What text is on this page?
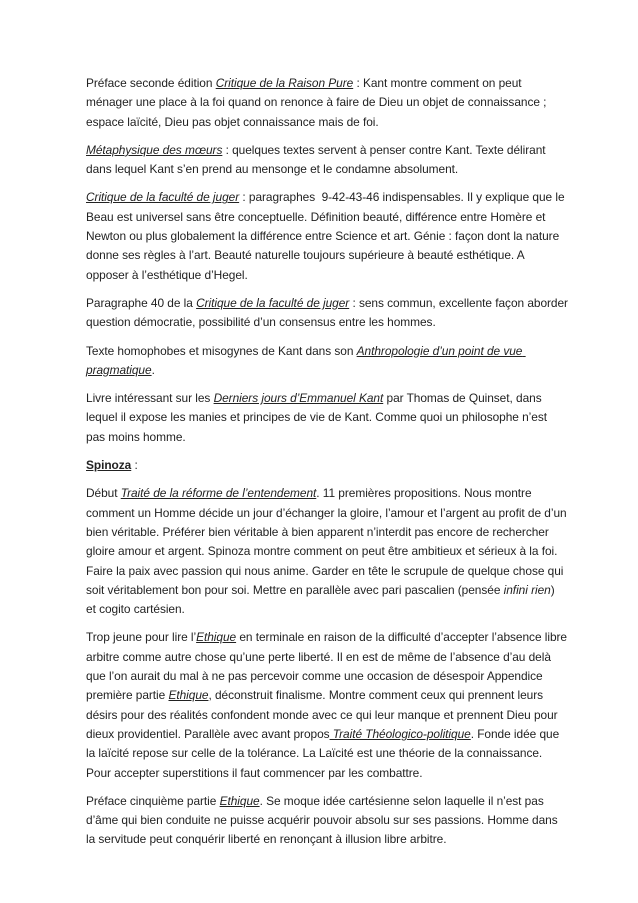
Préface seconde édition Critique de la Raison Pure : Kant montre comment on peut ménager une place à la foi quand on renonce à faire de Dieu un objet de connaissance ; espace laïcité, Dieu pas objet connaissance mais de foi.

Métaphysique des mœurs : quelques textes servent à penser contre Kant. Texte délirant dans lequel Kant s’en prend au mensonge et le condamne absolument.

Critique de la faculté de juger : paragraphes  9-42-43-46 indispensables. Il y explique que le Beau est universel sans être conceptuelle. Définition beauté, différence entre Homère et Newton ou plus globalement la différence entre Science et art. Génie : façon dont la nature donne ses règles à l’art. Beauté naturelle toujours supérieure à beauté esthétique. A opposer à l’esthétique d’Hegel.

Paragraphe 40 de la Critique de la faculté de juger : sens commun, excellente façon aborder question démocratie, possibilité d’un consensus entre les hommes.

Texte homophobes et misogynes de Kant dans son Anthropologie d’un point de vue pragmatique.

Livre intéressant sur les Derniers jours d’Emmanuel Kant par Thomas de Quinset, dans lequel il expose les manies et principes de vie de Kant. Comme quoi un philosophe n’est pas moins homme.

Spinoza :

Début Traité de la réforme de l’entendement. 11 premières propositions. Nous montre comment un Homme décide un jour d’échanger la gloire, l’amour et l’argent au profit de d’un bien véritable. Préférer bien véritable à bien apparent n’interdit pas encore de rechercher gloire amour et argent. Spinoza montre comment on peut être ambitieux et sérieux à la foi. Faire la paix avec passion qui nous anime. Garder en tête le scrupule de quelque chose qui soit véritablement bon pour soi. Mettre en parallèle avec pari pascalien (pensée infini rien)  et cogito cartésien.

Trop jeune pour lire l’Ethique en terminale en raison de la difficulté d’accepter l’absence libre arbitre comme autre chose qu’une perte liberté. Il en est de même de l’absence d’au delà que l’on aurait du mal à ne pas percevoir comme une occasion de désespoir Appendice première partie Ethique, déconstruit finalisme. Montre comment ceux qui prennent leurs désirs pour des réalités confondent monde avec ce qui leur manque et prennent Dieu pour dieux providentiel. Parallèle avec avant propos Traité Théologico-politique. Fonde idée que la laïcité repose sur celle de la tolérance. La Laïcité est une théorie de la connaissance. Pour accepter superstitions il faut commencer par les combattre.

Préface cinquième partie Ethique. Se moque idée cartésienne selon laquelle il n’est pas d’âme qui bien conduite ne puisse acquérir pouvoir absolu sur ses passions. Homme dans la servitude peut conquérir liberté en renonçant à illusion libre arbitre.
